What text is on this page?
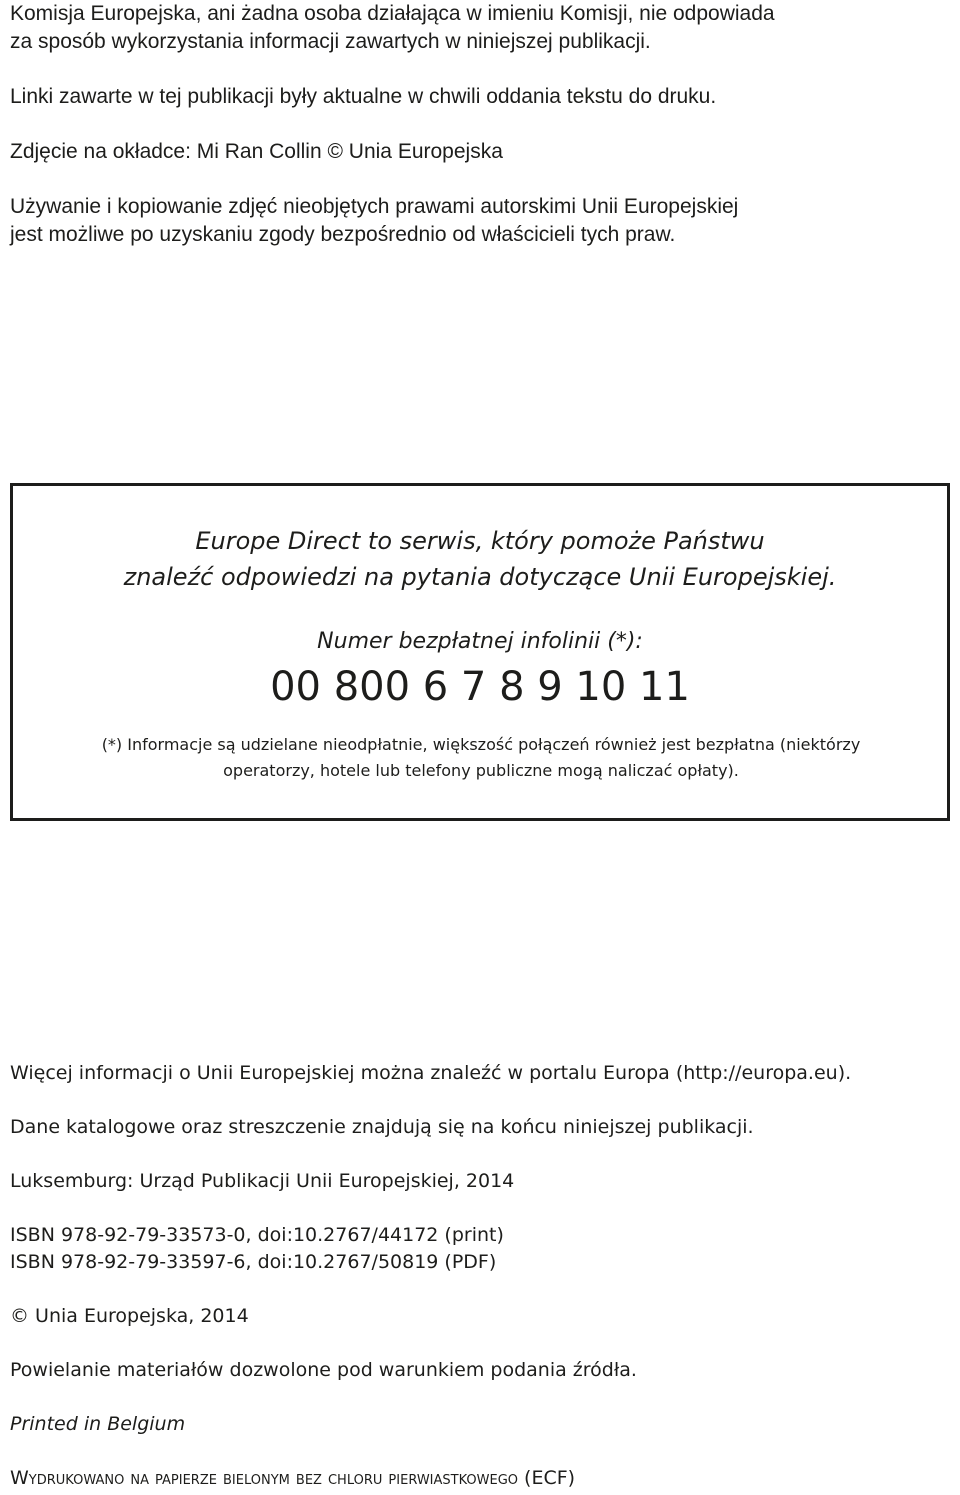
Komisja Europejska, ani żadna osoba działająca w imieniu Komisji, nie odpowiada

za sposób wykorzystania informacji zawartych w niniejszej publikacji.

Linki zawarte w tej publikacji były aktualne w chwili oddania tekstu do druku.

Zdjęcie na okładce: Mi Ran Collin © Unia Europejska

Używanie i kopiowanie zdjęć nieobjętych prawami autorskimi Unii Europejskiej

jest możliwe po uzyskaniu zgody bezpośrednio od właścicieli tych praw.

Europe Direct to serwis, który pomoże Państwu
znaleźć odpowiedzi na pytania dotyczące Unii Europejskiej.
Numer bezpłatnej infolinii (*):
00 800 6 7 8 9 10 11
(*) Informacje są udzielane nieodpłatnie, większość połączeń również jest bezpłatna (niektórzy
operatorzy, hotele lub telefony publiczne mogą naliczać opłaty).

Więcej informacji o Unii Europejskiej można znaleźć w portalu Europa (http://europa.eu).

Dane katalogowe oraz streszczenie znajdują się na końcu niniejszej publikacji.

Luksemburg: Urząd Publikacji Unii Europejskiej, 2014

ISBN 978-92-79-33573-0, doi:10.2767/44172 (print)

ISBN 978-92-79-33597-6, doi:10.2767/50819 (PDF)

© Unia Europejska, 2014

Powielanie materiałów dozwolone pod warunkiem podania źródła.

Printed in Belgium

Wydrukowano na papierze bielonym bez chloru pierwiastkowego (ECF)
